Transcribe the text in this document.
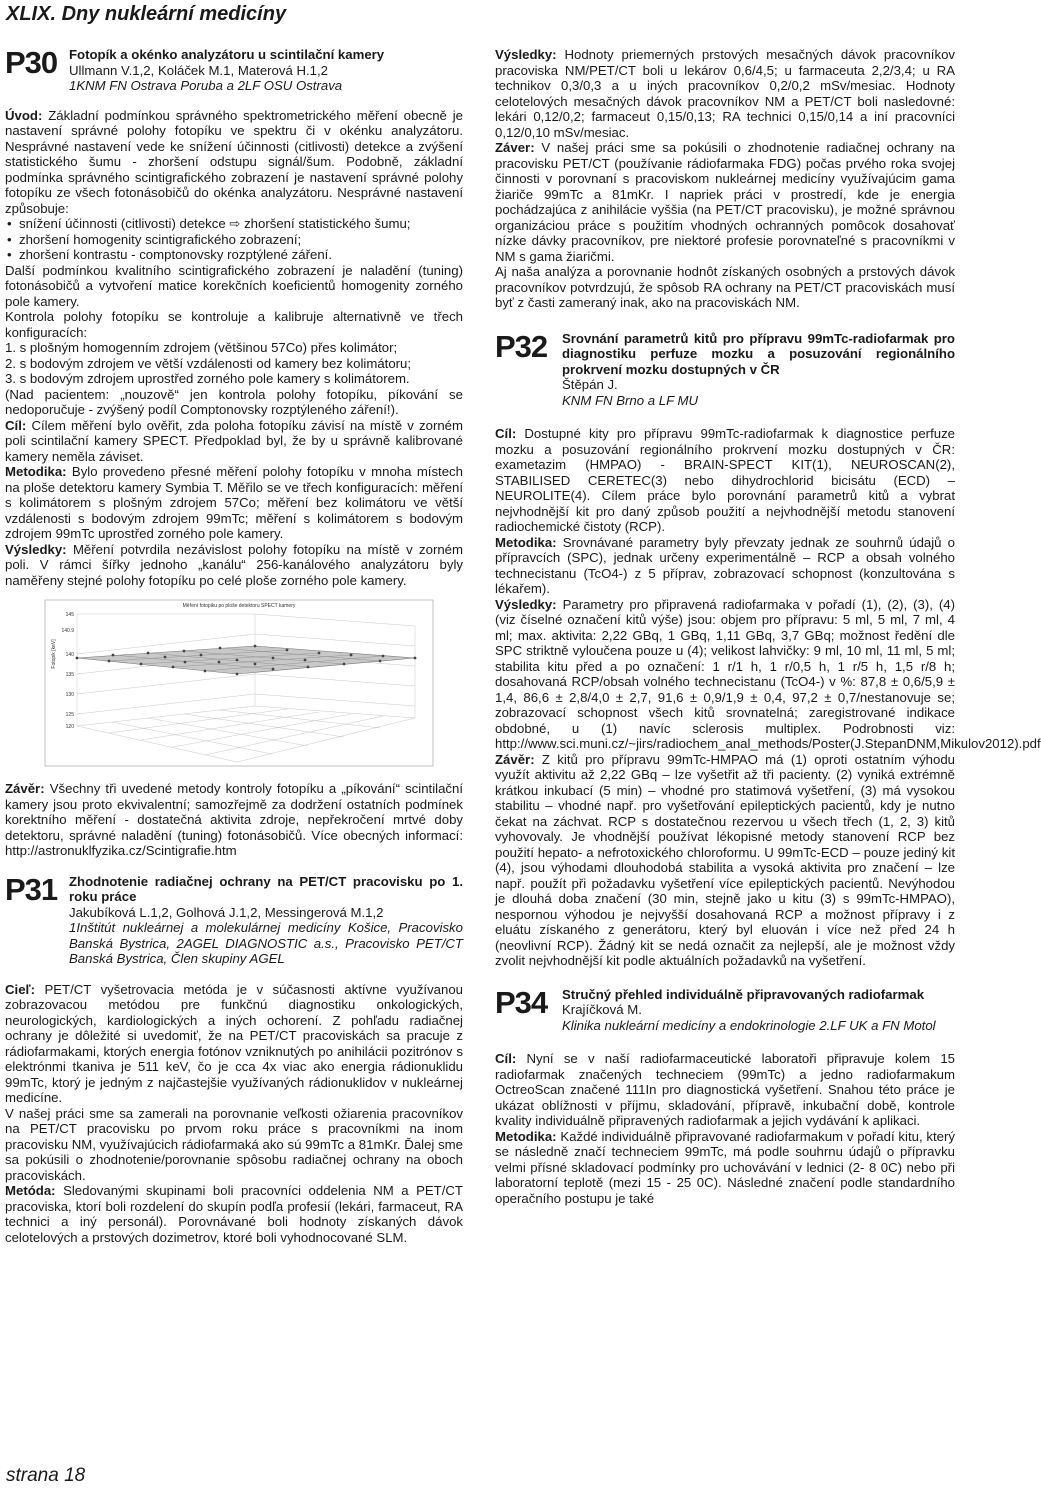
XLIX. Dny nukleární medicíny
P30 Fotopík a okénko analyzátoru u scintilační kamery

Ullmann V.1,2, Koláček M.1, Materová H.1,2

1KNM FN Ostrava Poruba a 2LF OSU Ostrava

Úvod: Základní podmínkou správného spektrometrického měření obecně je nastavení správné polohy fotopíku ve spektru či v okénku analyzátoru. Nesprávné nastavení vede ke snížení účinnosti (citlivosti) detekce a zvýšení statistického šumu - zhoršení odstupu signál/šum. Podobně, základní podmínka správného scintigrafického zobrazení je nastavení správné polohy fotopíku ze všech fotonásobičů do okénka analyzátoru. Nesprávné nastavení způsobuje:

• snížení účinnosti (citlivosti) detekce ⇨ zhoršení statistického šumu;
• zhoršení homogenity scintigrafického zobrazení;
• zhoršení kontrastu - comptonovsky rozptýlené záření.

Další podmínkou kvalitního scintigrafického zobrazení je naladění (tuning) fotonásobičů a vytvoření matice korekčních koeficientů homogenity zorného pole kamery.

Kontrola polohy fotopíku se kontroluje a kalibruje alternativně ve třech konfiguracích:

1. s plošným homogenním zdrojem (většinou 57Co) přes kolimátor;

2. s bodovým zdrojem ve větší vzdálenosti od kamery bez kolimátoru;

3. s bodovým zdrojem uprostřed zorného pole kamery s kolimátorem.

(Nad pacientem: „nouzově“ jen kontrola polohy fotopíku, píkování se nedoporučuje - zvýšený podíl Comptonovsky rozptýleného záření!).

Cíl: Cílem měření bylo ověřit, zda poloha fotopíku závisí na místě v zorném poli scintilační kamery SPECT. Předpoklad byl, že by u správně kalibrované kamery neměla záviset.

Metodika: Bylo provedeno přesné měření polohy fotopíku v mnoha místech na ploše detektoru kamery Symbia T. Měřilo se ve třech konfiguracích: měření s kolimátorem s plošným zdrojem 57Co; měření bez kolimátoru ve větší vzdálenosti s bodovým zdrojem 99mTc; měření s kolimátorem s bodovým zdrojem 99mTc uprostřed zorného pole kamery.

Výsledky: Měření potvrdila nezávislost polohy fotopíku na místě v zorném poli. V rámci šířky jednoho „kanálu“ 256-kanálového analyzátoru byly naměřeny stejné polohy fotopíku po celé ploše zorného pole kamery.

Měření fotopiku po ploše detektoru SPECT kamery
Fotopik [keV]
145
140.9
140
135
130
125
120

Závěr: Všechny tři uvedené metody kontroly fotopíku a „píkování“ scintilační kamery jsou proto ekvivalentní; samozřejmě za dodržení ostatních podmínek korektního měření - dostatečná aktivita zdroje, nepřekročení mrtvé doby detektoru, správné naladění (tuning) fotonásobičů. Více obecných informací: http://astronuklfyzika.cz/Scintigrafie.htm

P31 Zhodnotenie radiačnej ochrany na PET/CT pracovisku po 1. roku práce

Jakubíková L.1,2, Golhová J.1,2, Messingerová M.1,2

1Inštitút nukleárnej a molekulárnej medicíny Košice, Pracovisko Banská Bystrica, 2AGEL DIAGNOSTIC a.s., Pracovisko PET/CT Banská Bystrica, Člen skupiny AGEL

Cieľ: PET/CT vyšetrovacia metóda je v súčasnosti aktívne využívanou zobrazovacou metódou pre funkčnú diagnostiku onkologických, neurologických, kardiologických a iných ochorení. Z pohľadu radiačnej ochrany je dôležité si uvedomiť, že na PET/CT pracoviskách sa pracuje z rádiofarmakami, ktorých energia fotónov vzniknutých po anihilácii pozitrónov s elektrónmi tkaniva je 511 keV, čo je cca 4x viac ako energia rádionuklidu 99mTc, ktorý je jedným z najčastejšie využívaných rádionuklidov v nukleárnej medicíne.

V našej práci sme sa zamerali na porovnanie veľkosti ožiarenia pracovníkov na PET/CT pracovisku po prvom roku práce s pracovníkmi na inom pracovisku NM, využívajúcich rádiofarmaká ako sú 99mTc a 81mKr. Ďalej sme sa pokúsili o zhodnotenie/porovnanie spôsobu radiačnej ochrany na oboch pracoviskách.

Metóda: Sledovanými skupinami boli pracovníci oddelenia NM a PET/CT pracoviska, ktorí boli rozdelení do skupín podľa profesií (lekári, farmaceut, RA technici a iný personál). Porovnávané boli hodnoty získaných dávok celotelových a prstových dozimetrov, ktoré boli vyhodnocované SLM.

Výsledky: Hodnoty priemerných prstových mesačných dávok pracovníkov pracoviska NM/PET/CT boli u lekárov 0,6/4,5; u farmaceuta 2,2/3,4; u RA technikov 0,3/0,3 a u iných pracovníkov 0,2/0,2 mSv/mesiac. Hodnoty celotelových mesačných dávok pracovníkov NM a PET/CT boli nasledovné: lekári 0,12/0,2; farmaceut 0,15/0,13; RA technici 0,15/0,14 a iní pracovníci 0,12/0,10 mSv/mesiac.

Záver: V našej práci sme sa pokúsili o zhodnotenie radiačnej ochrany na pracovisku PET/CT (používanie rádiofarmaka FDG) počas prvého roka svojej činnosti v porovnaní s pracoviskom nukleárnej medicíny využívajúcim gama žiariče 99mTc a 81mKr. I napriek práci v prostredí, kde je energia pochádzajúca z anihilácie vyššia (na PET/CT pracovisku), je možné správnou organizáciou práce s použitím vhodných ochranných pomôcok dosahovať nízke dávky pracovníkov, pre niektoré profesie porovnateľné s pracovníkmi v NM s gama žiaričmi.

Aj naša analýza a porovnanie hodnôt získaných osobných a prstových dávok pracovníkov potvrdzujú, že spôsob RA ochrany na PET/CT pracoviskách musí byť z časti zameraný inak, ako na pracoviskách NM.

P32	Srovnání parametrů kitů pro přípravu 99mTc-radiofarmak pro diagnostiku perfuze mozku a posuzování regionálního prokrvení mozku dostupných v ČR

Štěpán J.

KNM FN Brno a LF MU

Cíl: Dostupné kity pro přípravu 99mTc-radiofarmak k diagnostice perfuze mozku a posuzování regionálního prokrvení mozku dostupných v ČR: exametazim (HMPAO) - BRAIN-SPECT KIT(1), NEUROSCAN(2), STABILISED CERETEC(3) nebo dihydrochlorid bicisátu (ECD) – NEUROLITE(4). Cílem práce bylo porovnání parametrů kitů a vybrat nejvhodnější kit pro daný způsob použití a nejvhodnější metodu stanovení radiochemické čistoty (RCP).

Metodika: Srovnávané parametry byly převzaty jednak ze souhrnů údajů o přípravcích (SPC), jednak určeny experimentálně – RCP a obsah volného technecistanu (TcO4-) z 5 příprav, zobrazovací schopnost (konzultována s lékařem).

Výsledky: Parametry pro připravená radiofarmaka v pořadí (1), (2), (3), (4) (viz číselné označení kitů výše) jsou: objem pro přípravu: 5 ml, 5 ml, 7 ml, 4 ml; max. aktivita: 2,22 GBq, 1 GBq, 1,11 GBq, 3,7 GBq; možnost ředění dle SPC striktně vyloučena pouze u (4); velikost lahvičky: 9 ml, 10 ml, 11 ml, 5 ml; stabilita kitu před a po označení: 1 r/1 h, 1 r/0,5 h, 1 r/5 h, 1,5 r/8 h; dosahovaná RCP/obsah volného technecistanu (TcO4-) v %: 87,8 ± 0,6/5,9 ± 1,4, 86,6 ± 2,8/4,0 ± 2,7, 91,6 ± 0,9/1,9 ± 0,4, 97,2 ± 0,7/nestanovuje se; zobrazovací schopnost všech kitů srovnatelná; zaregistrované indikace obdobné, u (1) navíc sclerosis multiplex. Podrobnosti viz: http://www.sci.muni.cz/~jirs/radiochem_anal_methods/Poster(J.StepanDNM,Mikulov2012).pdf

Závěr: Z kitů pro přípravu 99mTc-HMPAO má (1) oproti ostatním výhodu využít aktivitu až 2,22 GBq – lze vyšetřit až tři pacienty. (2) vyniká extrémně krátkou inkubací (5 min) – vhodné pro statimová vyšetření, (3) má vysokou stabilitu – vhodné např. pro vyšetřování epileptických pacientů, kdy je nutno čekat na záchvat. RCP s dostatečnou rezervou u všech třech (1, 2, 3) kitů vyhovovaly. Je vhodnější používat lékopisné metody stanovení RCP bez použití hepato- a nefrotoxického chloroformu. U 99mTc-ECD – pouze jediný kit (4), jsou výhodami dlouhodobá stabilita a vysoká aktivita pro značení – lze např. použít při požadavku vyšetření více epileptických pacientů. Nevýhodou je dlouhá doba značení (30 min, stejně jako u kitu (3) s 99mTc-HMPAO), nespornou výhodou je nejvyšší dosahovaná RCP a možnost přípravy i z eluátu získaného z generátoru, který byl eluován i více než před 24 h (neovlivní RCP). Žádný kit se nedá označit za nejlepší, ale je možnost vždy zvolit nejvhodnější kit podle aktuálních požadavků na vyšetření.

P34	Stručný přehled individuálně připravovaných radiofarmak

Krajíčková M.

Klinika nukleární medicíny a endokrinologie 2.LF UK a FN Motol

Cíl: Nyní se v naší radiofarmaceutické laboratoři připravuje kolem 15 radiofarmak značených techneciem (99mTc) a jedno radiofarmakum OctreoScan značené 111In pro diagnostická vyšetření. Snahou této práce je ukázat oblížnosti v příjmu, skladování, přípravě, inkubační době, kontrole kvality individuálně připravených radiofarmak a jejich vydávání k aplikaci.

Metodika: Každé individuálně připravované radiofarmakum v pořadí kitu, který se následně značí techneciem 99mTc, má podle souhrnu údajů o přípravku velmi přísné skladovací podmínky pro uchovávání v lednici (2- 8 0C) nebo při laboratorní teplotě (mezi 15 - 25 0C). Následné značení podle standardního operačního postupu je také

strana 18
